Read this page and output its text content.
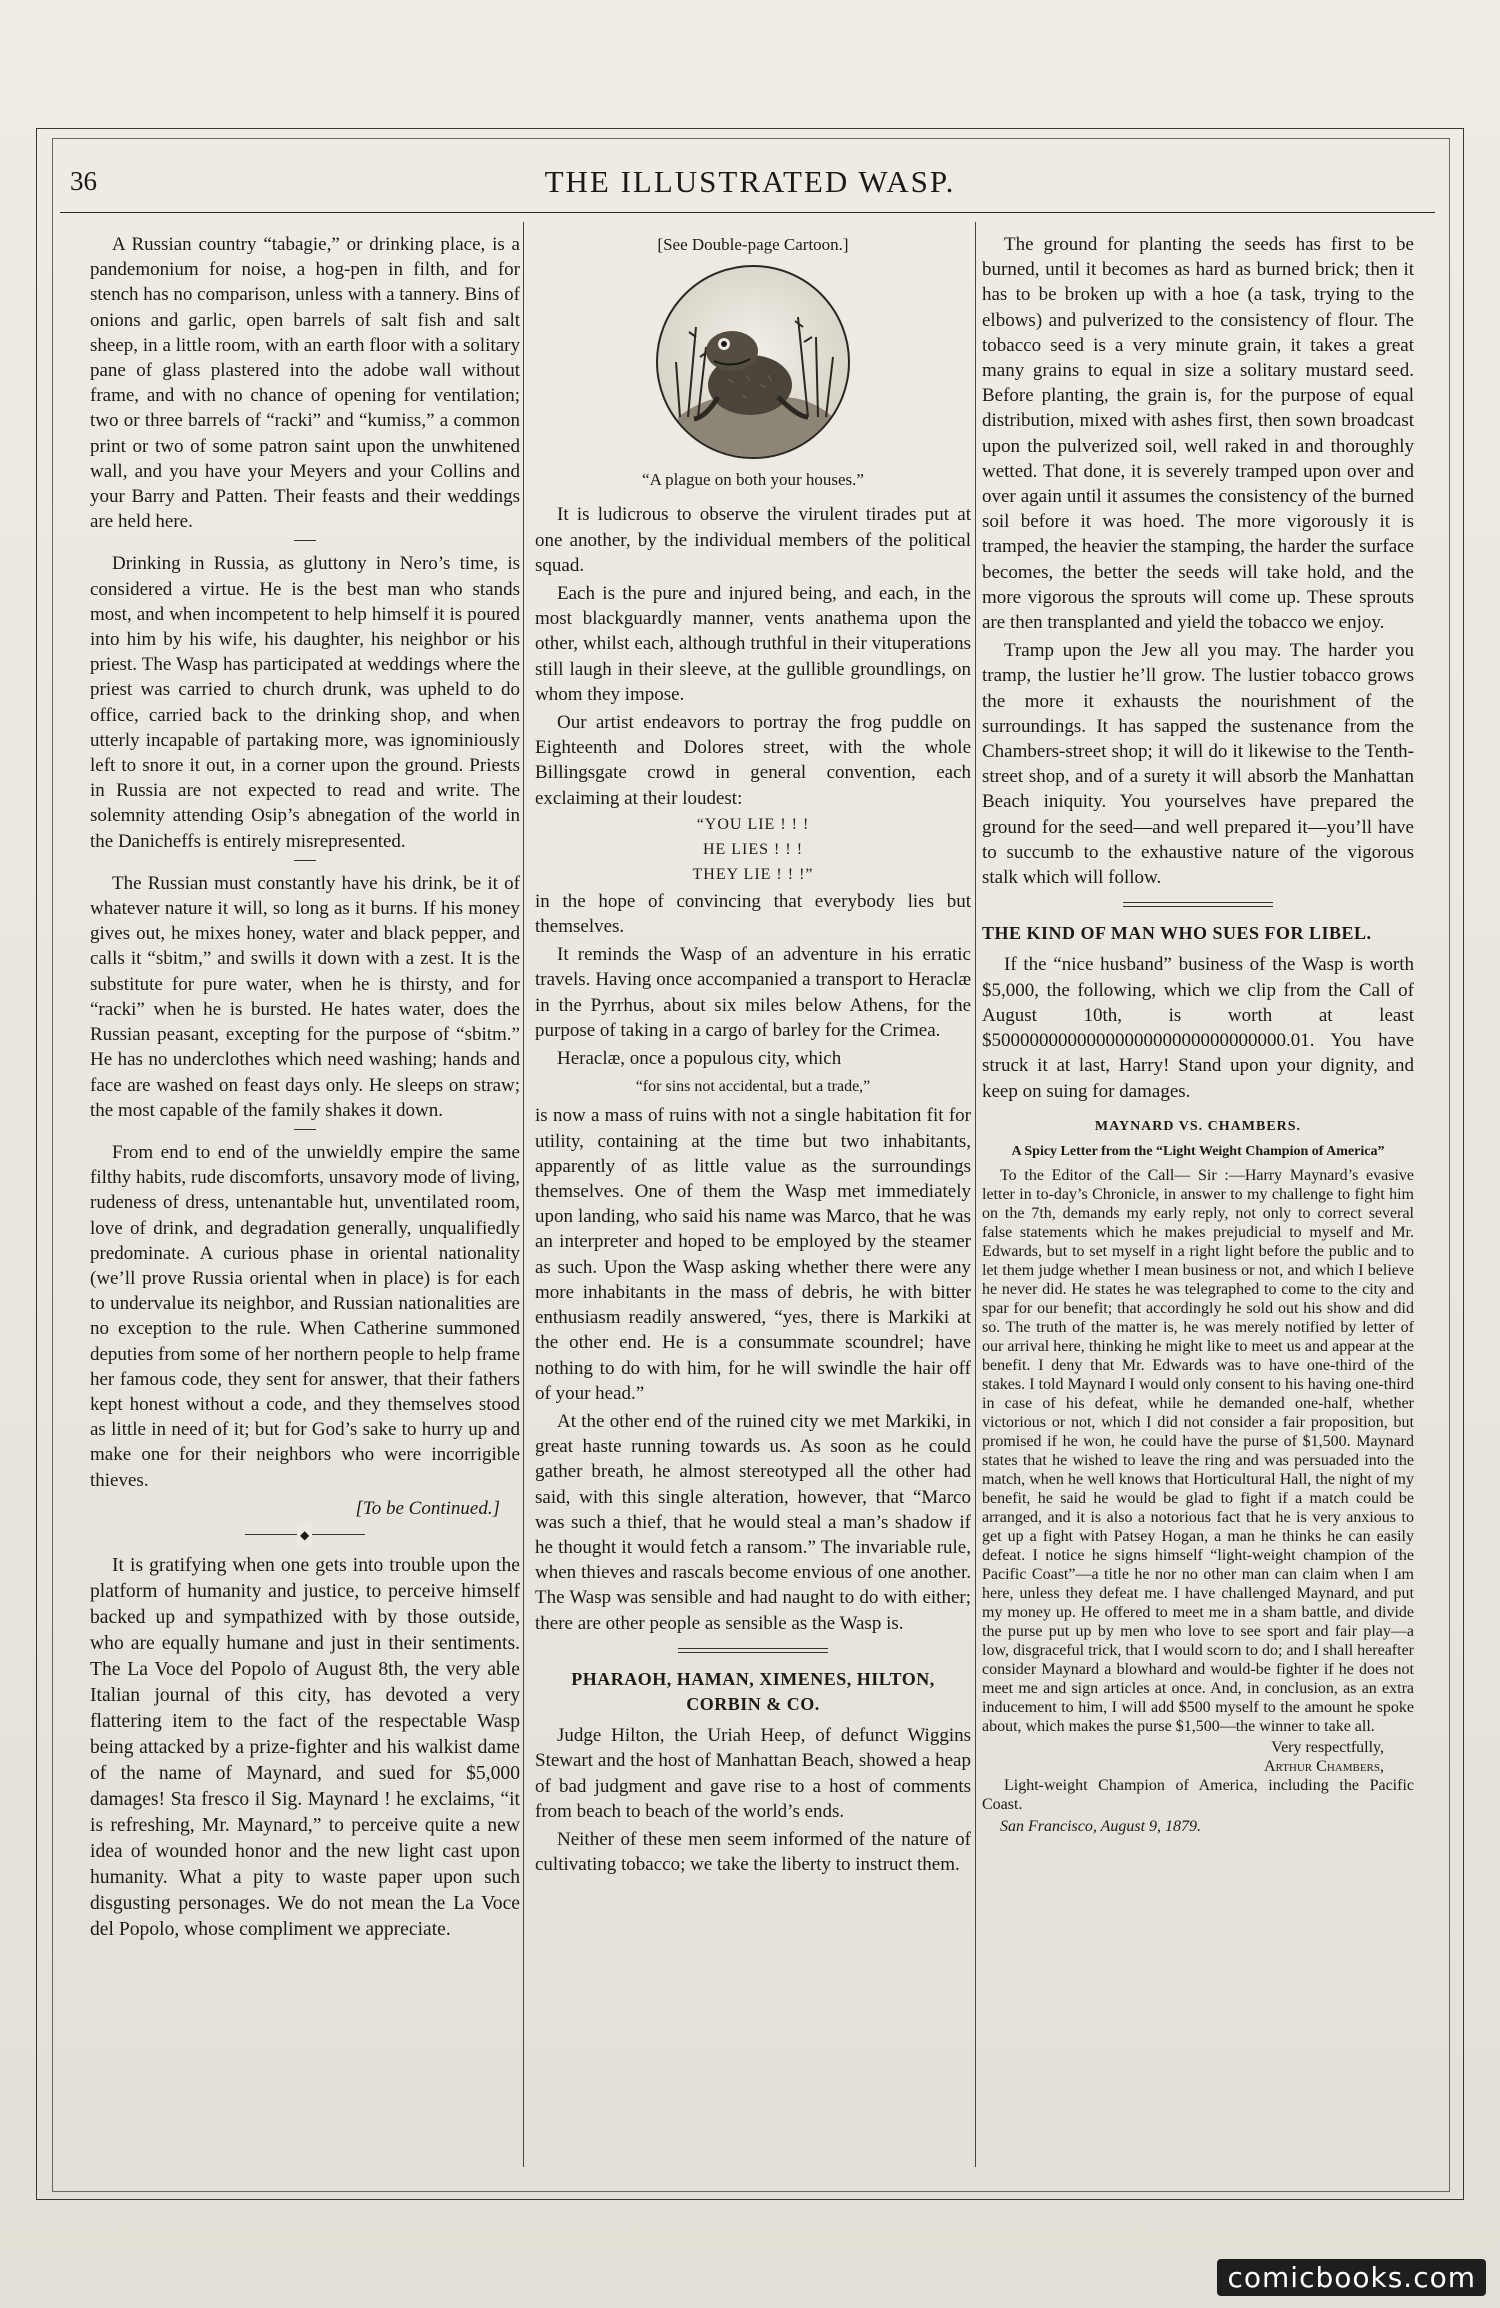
36	THE ILLUSTRATED WASP.

A Russian country “tabagie,” or drinking place, is a pandemonium for noise, a hog-pen in filth, and for stench has no comparison, unless with a tannery. Bins of onions and garlic, open barrels of salt fish and salt sheep, in a little room, with an earth floor with a solitary pane of glass plastered into the adobe wall without frame, and with no chance of opening for ventilation; two or three barrels of “racki” and “kumiss,” a common print or two of some patron saint upon the unwhitened wall, and you have your Meyers and your Collins and your Barry and Patten. Their feasts and their weddings are held here.

Drinking in Russia, as gluttony in Nero’s time, is considered a virtue. He is the best man who stands most, and when incompetent to help himself it is poured into him by his wife, his daughter, his neighbor or his priest. The Wasp has participated at weddings where the priest was carried to church drunk, was upheld to do office, carried back to the drinking shop, and when utterly incapable of partaking more, was ignominiously left to snore it out, in a corner upon the ground. Priests in Russia are not expected to read and write. The solemnity attending Osip’s abnegation of the world in the Danicheffs is entirely misrepresented.

The Russian must constantly have his drink, be it of whatever nature it will, so long as it burns. If his money gives out, he mixes honey, water and black pepper, and calls it “sbitm,” and swills it down with a zest. It is the substitute for pure water, when he is thirsty, and for “racki” when he is bursted. He hates water, does the Russian peasant, excepting for the purpose of “sbitm.” He has no underclothes which need washing; hands and face are washed on feast days only. He sleeps on straw; the most capable of the family shakes it down.

From end to end of the unwieldly empire the same filthy habits, rude discomforts, unsavory mode of living, rudeness of dress, untenantable hut, unventilated room, love of drink, and degradation generally, unqualifiedly predominate. A curious phase in oriental nationality (we’ll prove Russia oriental when in place) is for each to undervalue its neighbor, and Russian nationalities are no exception to the rule. When Catherine summoned deputies from some of her northern people to help frame her famous code, they sent for answer, that their fathers kept honest without a code, and they themselves stood as little in need of it; but for God’s sake to hurry up and make one for their neighbors who were incorrigible thieves.

[To be Continued.]
◆

It is gratifying when one gets into trouble upon the platform of humanity and justice, to perceive himself backed up and sympathized with by those outside, who are equally humane and just in their sentiments. The La Voce del Popolo of August 8th, the very able Italian journal of this city, has devoted a very flattering item to the fact of the respectable Wasp being attacked by a prize-fighter and his walkist dame of the name of Maynard, and sued for $5,000 damages! Sta fresco il Sig. Maynard ! he exclaims, “it is refreshing, Mr. Maynard,” to perceive quite a new idea of wounded honor and the new light cast upon humanity. What a pity to waste paper upon such disgusting personages. We do not mean the La Voce del Popolo, whose compliment we appreciate.

[See Double-page Cartoon.]
“A plague on both your houses.”

It is ludicrous to observe the virulent tirades put at one another, by the individual members of the political squad.

Each is the pure and injured being, and each, in the most blackguardly manner, vents anathema upon the other, whilst each, although truthful in their vituperations still laugh in their sleeve, at the gullible groundlings, on whom they impose.

Our artist endeavors to portray the frog puddle on Eighteenth and Dolores street, with the whole Billingsgate crowd in general convention, each exclaiming at their loudest:

“YOU LIE ! ! !
HE LIES ! ! !
THEY LIE ! ! !”

in the hope of convincing that everybody lies but themselves.

It reminds the Wasp of an adventure in his erratic travels. Having once accompanied a transport to Heraclæ in the Pyrrhus, about six miles below Athens, for the purpose of taking in a cargo of barley for the Crimea.

Heraclæ, once a populous city, which

“for sins not accidental, but a trade,”

is now a mass of ruins with not a single habitation fit for utility, containing at the time but two inhabitants, apparently of as little value as the surroundings themselves. One of them the Wasp met immediately upon landing, who said his name was Marco, that he was an interpreter and hoped to be employed by the steamer as such. Upon the Wasp asking whether there were any more inhabitants in the mass of debris, he with bitter enthusiasm readily answered, “yes, there is Markiki at the other end. He is a consummate scoundrel; have nothing to do with him, for he will swindle the hair off of your head.”

At the other end of the ruined city we met Markiki, in great haste running towards us. As soon as he could gather breath, he almost stereotyped all the other had said, with this single alteration, however, that “Marco was such a thief, that he would steal a man’s shadow if he thought it would fetch a ransom.” The invariable rule, when thieves and rascals become envious of one another. The Wasp was sensible and had naught to do with either; there are other people as sensible as the Wasp is.

PHARAOH, HAMAN, XIMENES, HILTON, CORBIN & CO.

Judge Hilton, the Uriah Heep, of defunct Wiggins Stewart and the host of Manhattan Beach, showed a heap of bad judgment and gave rise to a host of comments from beach to beach of the world’s ends.

Neither of these men seem informed of the nature of cultivating tobacco; we take the liberty to instruct them.

The ground for planting the seeds has first to be burned, until it becomes as hard as burned brick; then it has to be broken up with a hoe (a task, trying to the elbows) and pulverized to the consistency of flour. The tobacco seed is a very minute grain, it takes a great many grains to equal in size a solitary mustard seed. Before planting, the grain is, for the purpose of equal distribution, mixed with ashes first, then sown broadcast upon the pulverized soil, well raked in and thoroughly wetted. That done, it is severely tramped upon over and over again until it assumes the consistency of the burned soil before it was hoed. The more vigorously it is tramped, the heavier the stamping, the harder the surface becomes, the better the seeds will take hold, and the more vigorous the sprouts will come up. These sprouts are then transplanted and yield the tobacco we enjoy.

Tramp upon the Jew all you may. The harder you tramp, the lustier he’ll grow. The lustier tobacco grows the more it exhausts the nourishment of the surroundings. It has sapped the sustenance from the Chambers-street shop; it will do it likewise to the Tenth-street shop, and of a surety it will absorb the Manhattan Beach iniquity. You yourselves have prepared the ground for the seed—and well prepared it—you’ll have to succumb to the exhaustive nature of the vigorous stalk which will follow.

THE KIND OF MAN WHO SUES FOR LIBEL.

If the “nice husband” business of the Wasp is worth $5,000, the following, which we clip from the Call of August 10th, is worth at least $5000000000000000000000000000000.01. You have struck it at last, Harry! Stand upon your dignity, and keep on suing for damages.

MAYNARD VS. CHAMBERS.
A Spicy Letter from the “Light Weight Champion of America”

To the Editor of the Call— Sir :—Harry Maynard’s evasive letter in to-day’s Chronicle, in answer to my challenge to fight him on the 7th, demands my early reply, not only to correct several false statements which he makes prejudicial to myself and Mr. Edwards, but to set myself in a right light before the public and to let them judge whether I mean business or not, and which I believe he never did. He states he was telegraphed to come to the city and spar for our benefit; that accordingly he sold out his show and did so. The truth of the matter is, he was merely notified by letter of our arrival here, thinking he might like to meet us and appear at the benefit. I deny that Mr. Edwards was to have one-third of the stakes. I told Maynard I would only consent to his having one-third in case of his defeat, while he demanded one-half, whether victorious or not, which I did not consider a fair proposition, but promised if he won, he could have the purse of $1,500. Maynard states that he wished to leave the ring and was persuaded into the match, when he well knows that Horticultural Hall, the night of my benefit, he said he would be glad to fight if a match could be arranged, and it is also a notorious fact that he is very anxious to get up a fight with Patsey Hogan, a man he thinks he can easily defeat. I notice he signs himself “light-weight champion of the Pacific Coast”—a title he nor no other man can claim when I am here, unless they defeat me. I have challenged Maynard, and put my money up. He offered to meet me in a sham battle, and divide the purse put up by men who love to see sport and fair play—a low, disgraceful trick, that I would scorn to do; and I shall hereafter consider Maynard a blowhard and would-be fighter if he does not meet me and sign articles at once. And, in conclusion, as an extra inducement to him, I will add $500 myself to the amount he spoke about, which makes the purse $1,500—the winner to take all.

Very respectfully,
Arthur Chambers,

Light-weight Champion of America, including the Pacific Coast.

San Francisco, August 9, 1879.

comicbooks.com
